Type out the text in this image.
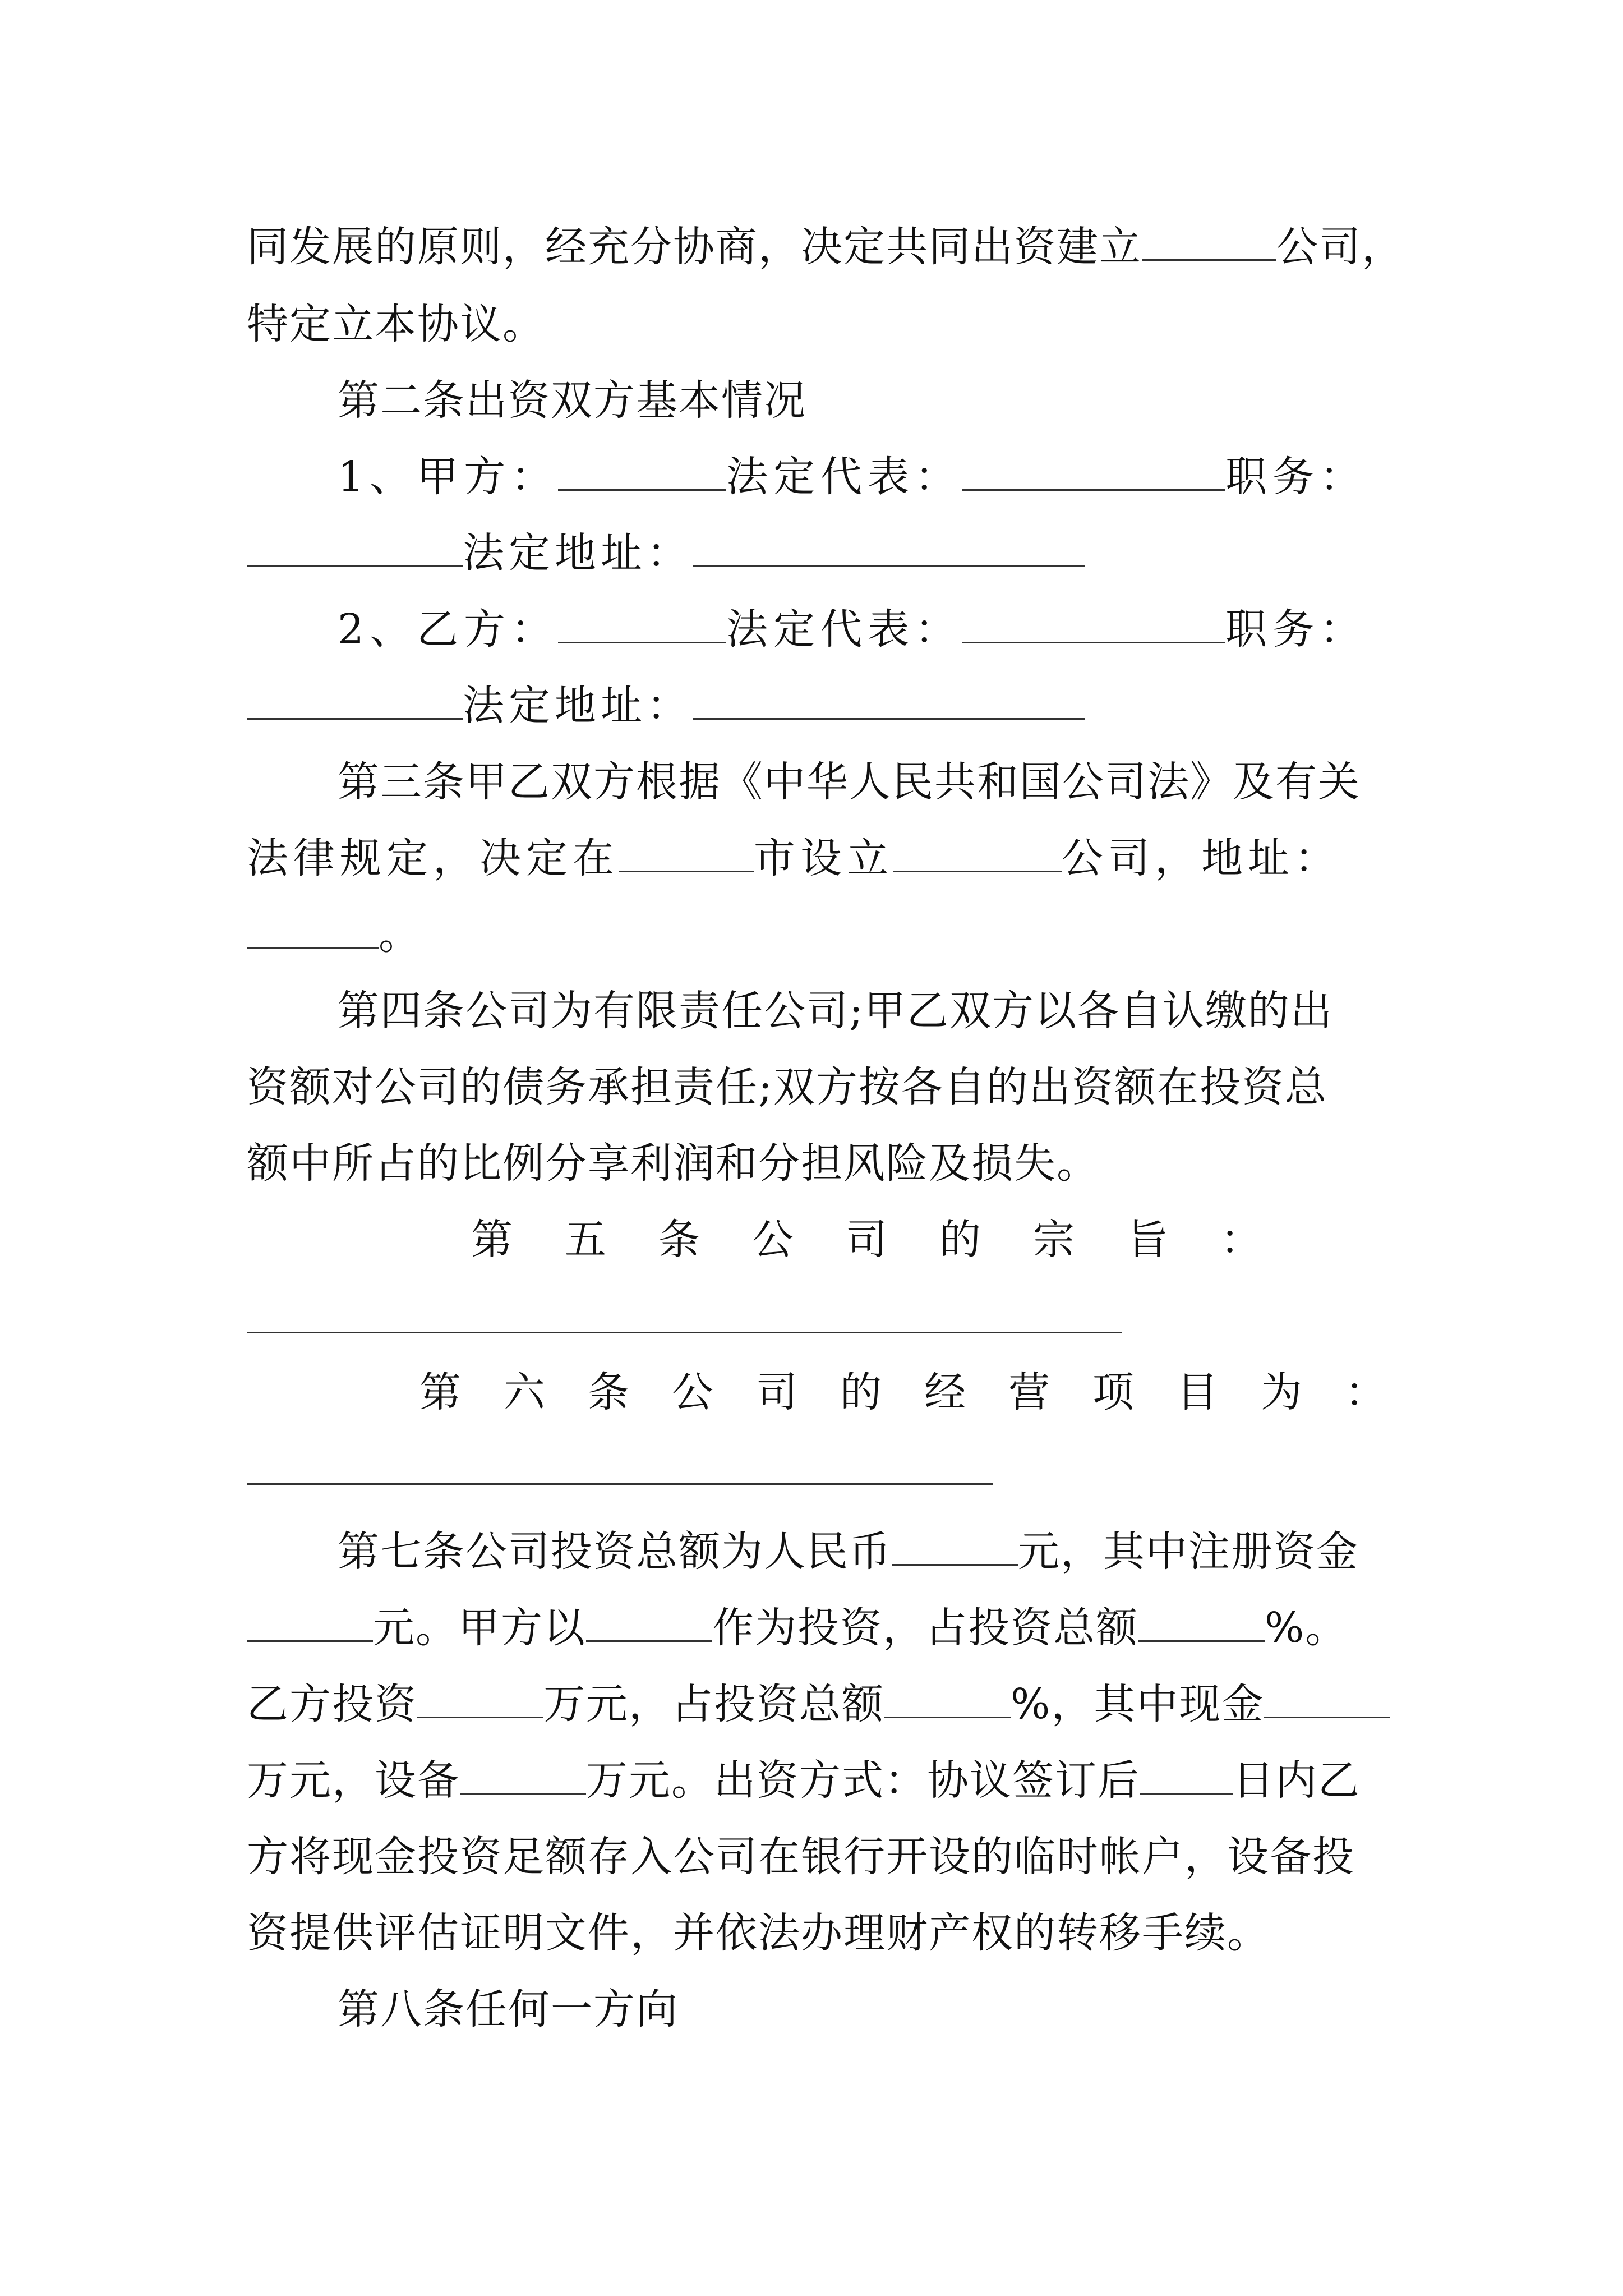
同发展的原则，经充分协商，决定共同出资建立	公司，
特定立本协议。
第二条出资双方基本情况
1、甲方：	法定代表：	职务：
法定地址：
2、乙方：	法定代表：	职务：
法定地址：
第三条甲乙双方根据《中华人民共和国公司法》及有关
法律规定，决定在	市设立	公司，地址：
。
第四条公司为有限责任公司;甲乙双方以各自认缴的出
资额对公司的债务承担责任;双方按各自的出资额在投资总
额中所占的比例分享利润和分担风险及损失。
第五条公司的宗旨：
第六条公司的经营项目为：
第七条公司投资总额为人民币	元，其中注册资金
元。甲方以	作为投资，占投资总额	%。
乙方投资	万元，占投资总额	%，其中现金
万元，设备	万元。出资方式：协议签订后 日内乙
方将现金投资足额存入公司在银行开设的临时帐户，设备投
资提供评估证明文件，并依法办理财产权的转移手续。
第八条任何一方向
